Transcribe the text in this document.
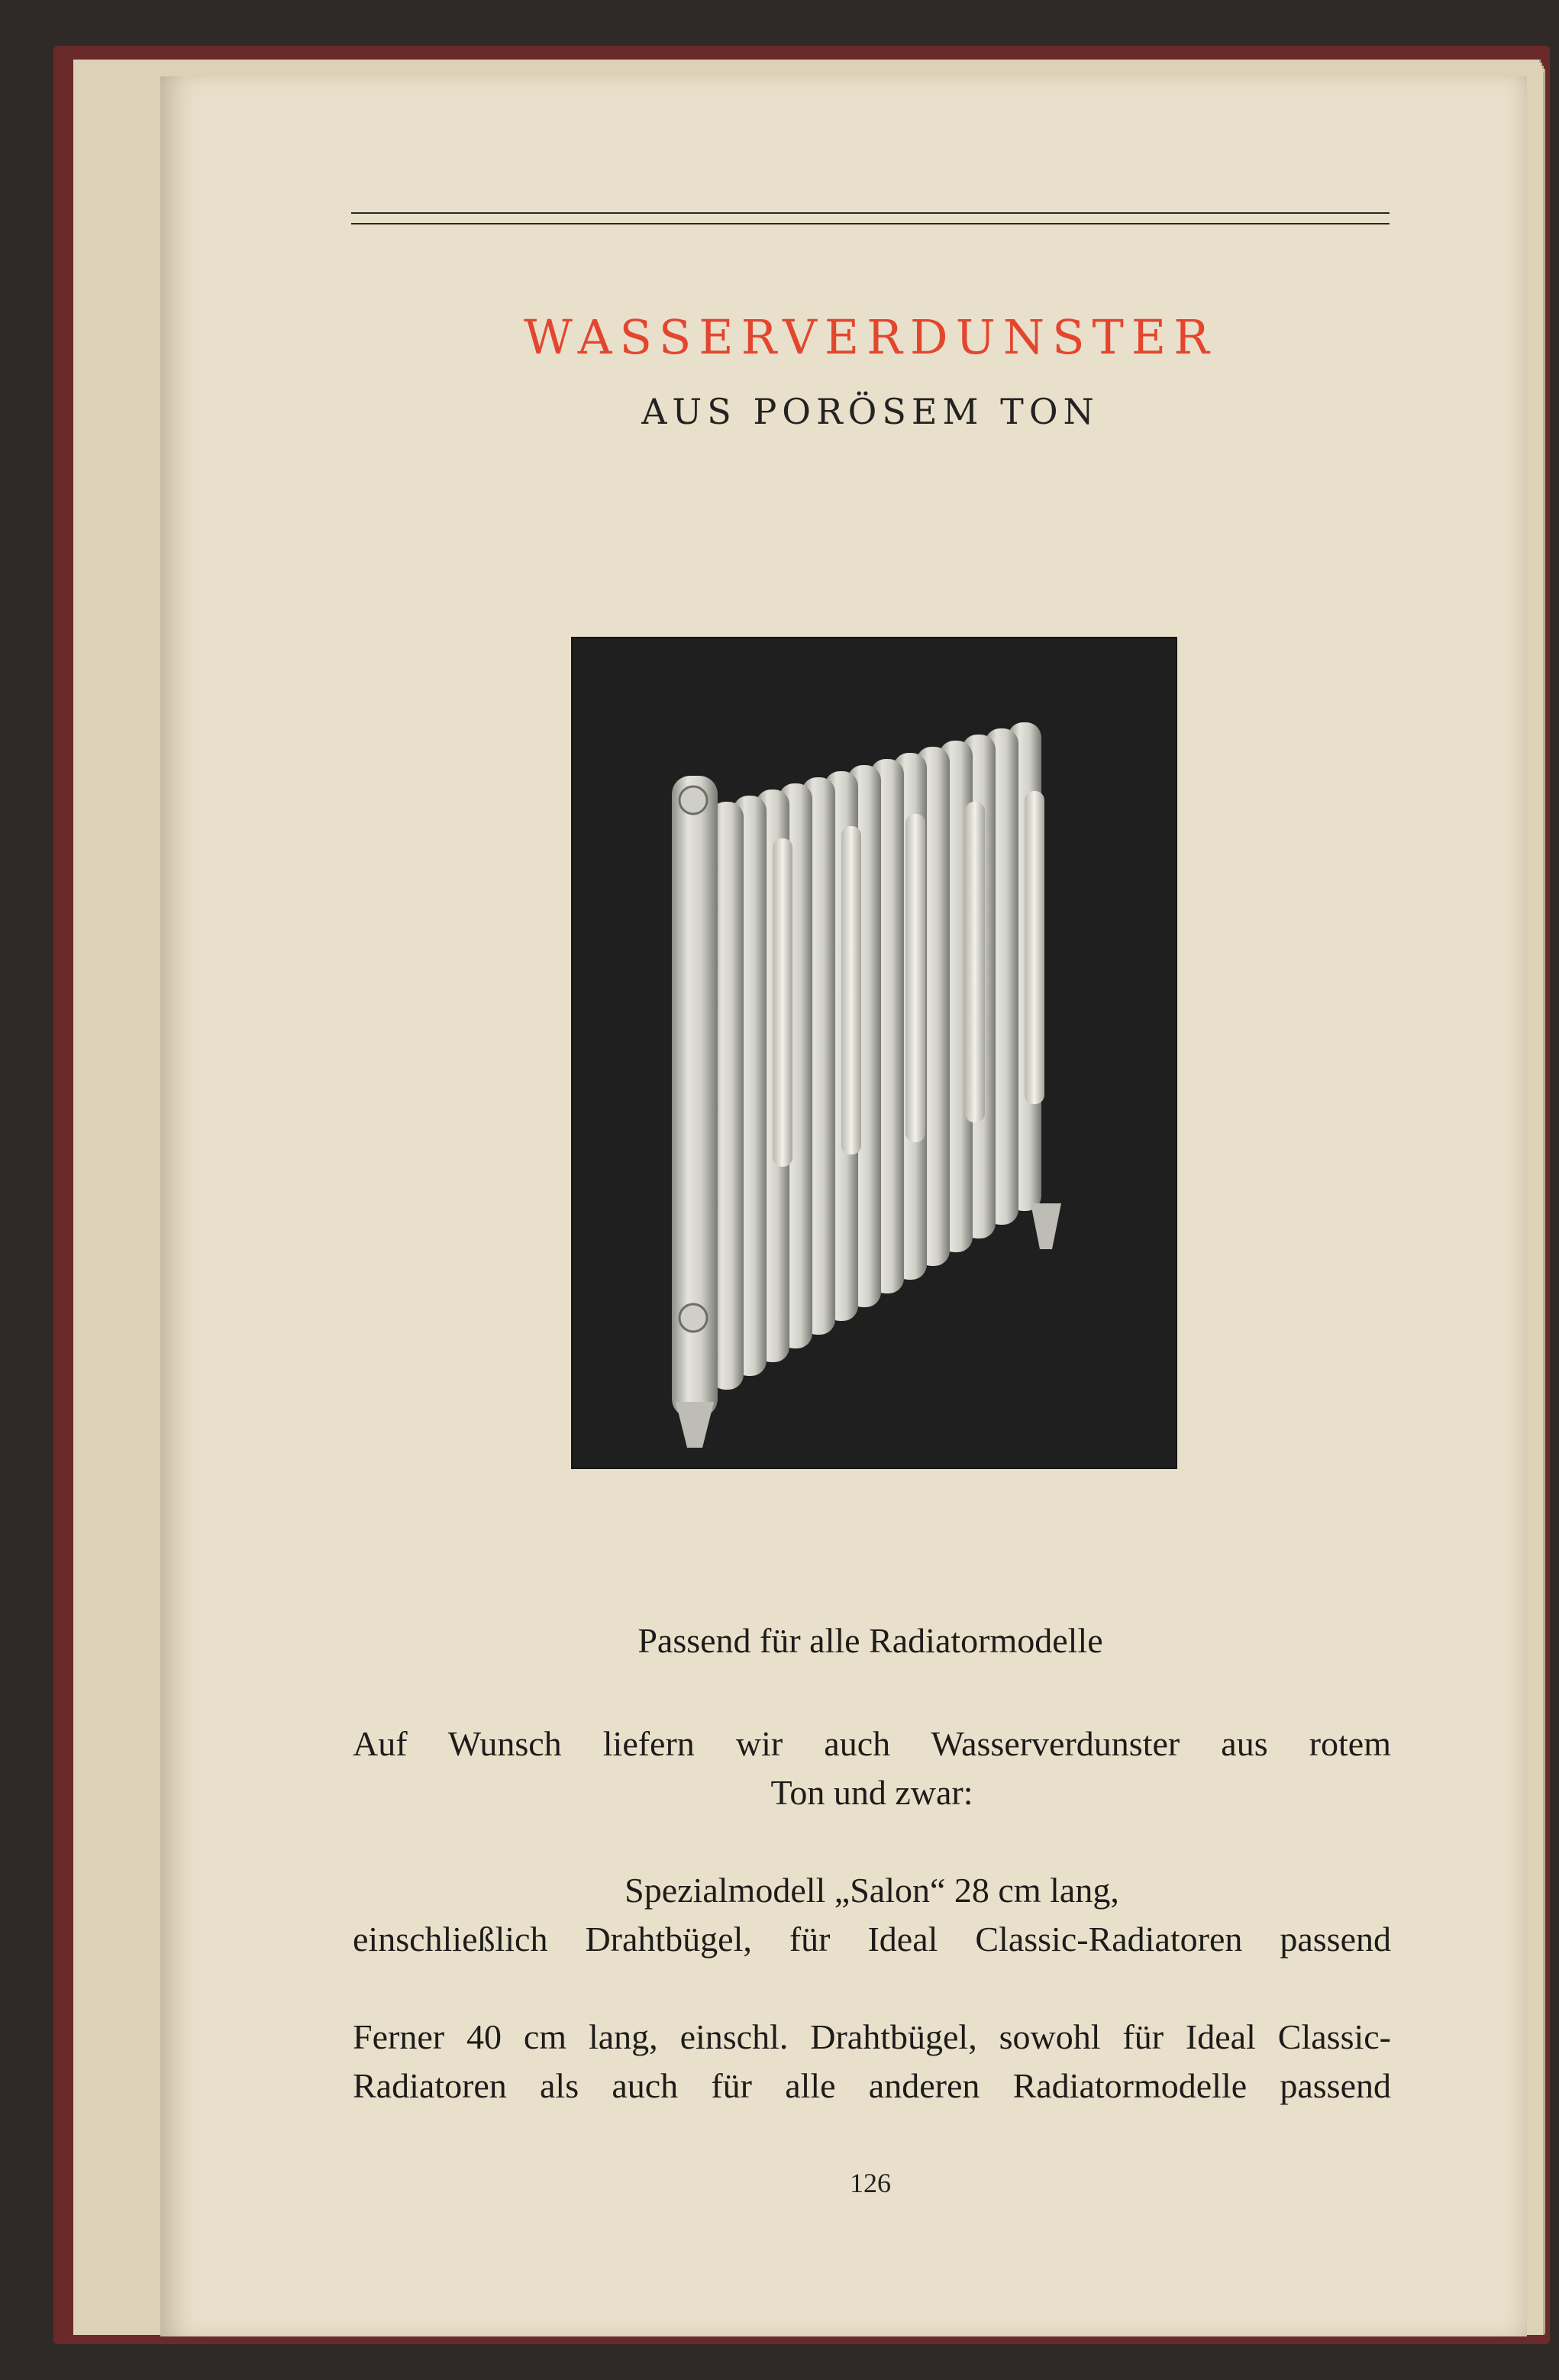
WASSERVERDUNSTER
AUS PORÖSEM TON
Passend für alle Radiatormodelle
Auf Wunsch liefern wir auch Wasserverdunster aus rotem
Ton und zwar:
Spezialmodell „Salon“ 28 cm lang,
einschließlich Drahtbügel, für Ideal Classic-Radiatoren passend
Ferner 40 cm lang, einschl. Drahtbügel, sowohl für Ideal Classic-
Radiatoren als auch für alle anderen Radiatormodelle passend
126
